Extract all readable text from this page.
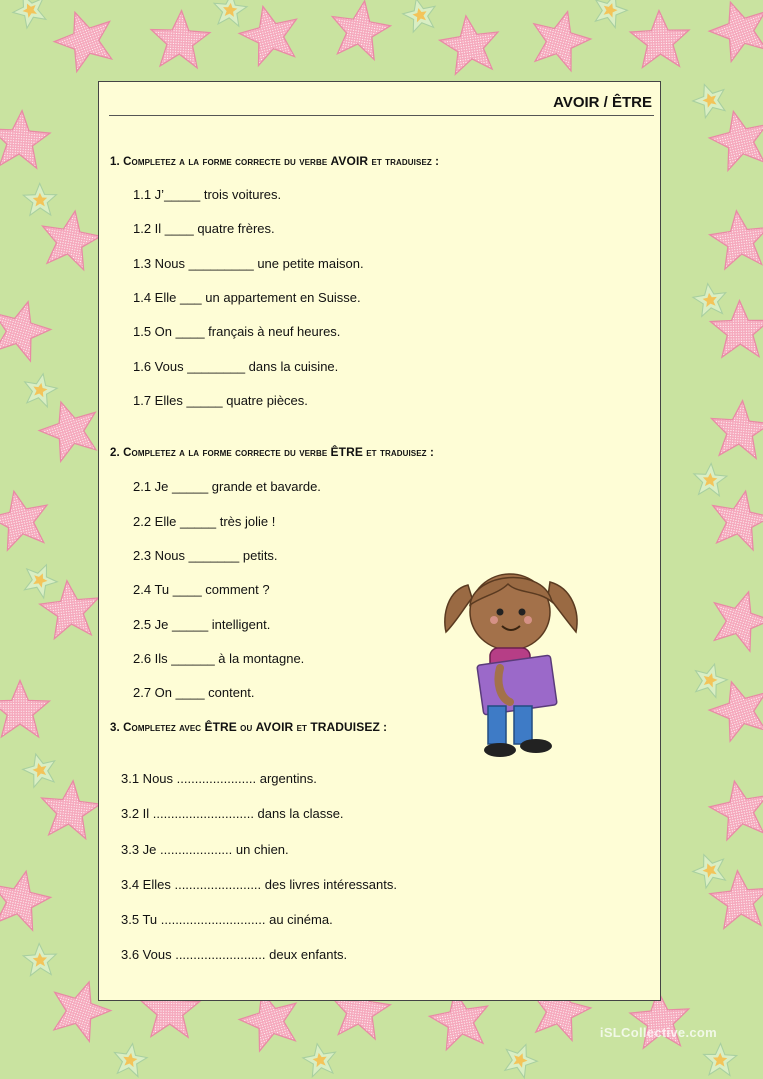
AVOIR / ÊTRE
1. Completez a la forme correcte du verbe AVOIR et traduisez :
1.1 J’_____ trois voitures.
1.2 Il ____ quatre frères.
1.3 Nous _________ une petite maison.
1.4 Elle ___ un appartement en Suisse.
1.5 On ____ français à neuf heures.
1.6 Vous ________ dans la cuisine.
1.7 Elles _____ quatre pièces.
2. Completez a la forme correcte du verbe ÊTRE et traduisez :
2.1 Je _____ grande et bavarde.
2.2 Elle _____ très jolie !
2.3 Nous _______ petits.
2.4 Tu ____ comment ?
2.5 Je _____ intelligent.
2.6 Ils ______ à la montagne.
2.7 On ____ content.
3. Completez avec ÊTRE ou AVOIR et TRADUISEZ :
3.1 Nous ...................... argentins.
3.2 Il ............................ dans la classe.
3.3 Je .................... un chien.
3.4 Elles ........................ des livres intéressants.
3.5 Tu ............................. au cinéma.
3.6 Vous ......................... deux enfants.
iSLCollective.com
